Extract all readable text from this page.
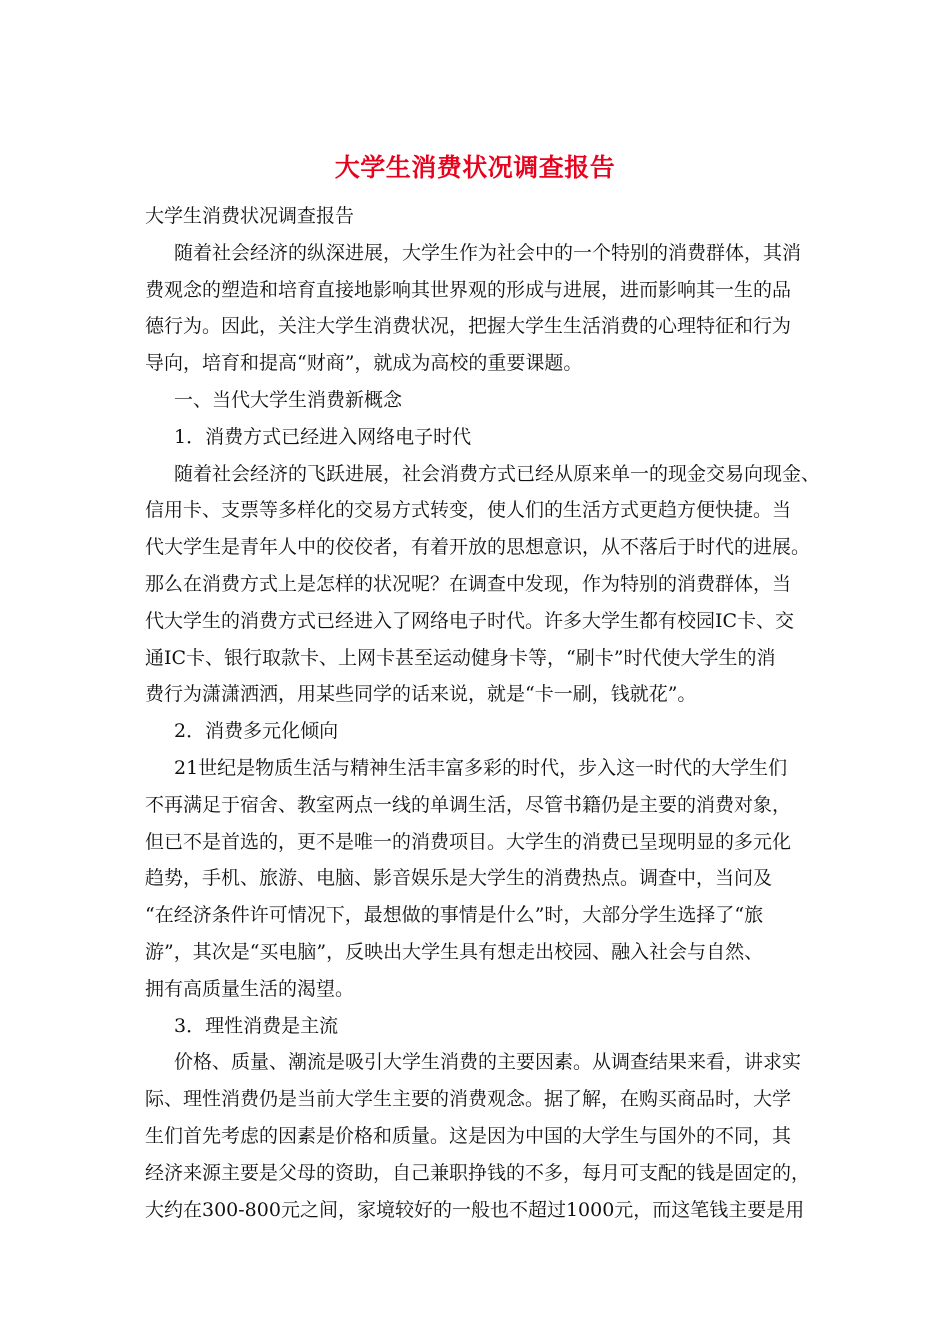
大学生消费状况调查报告

大学生消费状况调查报告

随着社会经济的纵深进展，大学生作为社会中的一个特别的消费群体，其消

费观念的塑造和培育直接地影响其世界观的形成与进展，进而影响其一生的品

德行为。因此，关注大学生消费状况，把握大学生生活消费的心理特征和行为

导向，培育和提高“财商”，就成为高校的重要课题。

一、当代大学生消费新概念

1．消费方式已经进入网络电子时代

随着社会经济的飞跃进展，社会消费方式已经从原来单一的现金交易向现金、

信用卡、支票等多样化的交易方式转变，使人们的生活方式更趋方便快捷。当

代大学生是青年人中的佼佼者，有着开放的思想意识，从不落后于时代的进展。

那么在消费方式上是怎样的状况呢？在调查中发现，作为特别的消费群体，当

代大学生的消费方式已经进入了网络电子时代。许多大学生都有校园IC卡、交

通IC卡、银行取款卡、上网卡甚至运动健身卡等，“刷卡”时代使大学生的消

费行为潇潇洒洒，用某些同学的话来说，就是“卡一刷，钱就花”。

2．消费多元化倾向

21世纪是物质生活与精神生活丰富多彩的时代，步入这一时代的大学生们

不再满足于宿舍、教室两点一线的单调生活，尽管书籍仍是主要的消费对象，

但已不是首选的，更不是唯一的消费项目。大学生的消费已呈现明显的多元化

趋势，手机、旅游、电脑、影音娱乐是大学生的消费热点。调查中，当问及

“在经济条件许可情况下，最想做的事情是什么”时，大部分学生选择了“旅

游”，其次是“买电脑”，反映出大学生具有想走出校园、融入社会与自然、

拥有高质量生活的渴望。

3．理性消费是主流

价格、质量、潮流是吸引大学生消费的主要因素。从调查结果来看，讲求实

际、理性消费仍是当前大学生主要的消费观念。据了解，在购买商品时，大学

生们首先考虑的因素是价格和质量。这是因为中国的大学生与国外的不同，其

经济来源主要是父母的资助，自己兼职挣钱的不多，每月可支配的钱是固定的，

大约在300-800元之间，家境较好的一般也不超过1000元，而这笔钱主要是用
